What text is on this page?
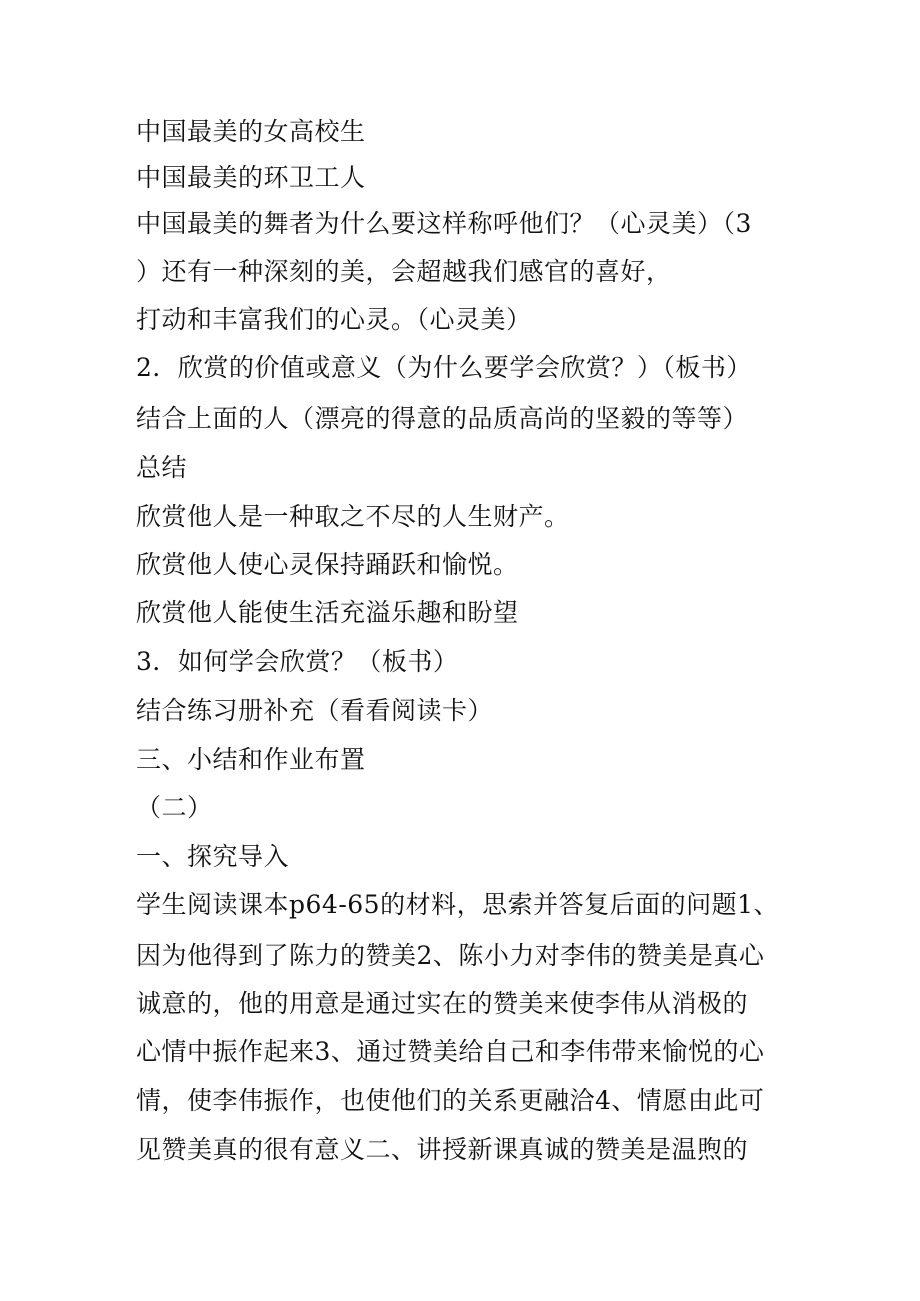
中国最美的女高校生
中国最美的环卫工人
中国最美的舞者为什么要这样称呼他们？（心灵美）（3
）还有一种深刻的美，会超越我们感官的喜好，
打动和丰富我们的心灵。（心灵美）
2．欣赏的价值或意义（为什么要学会欣赏？）（板书）
结合上面的人（漂亮的得意的品质高尚的坚毅的等等）
总结
欣赏他人是一种取之不尽的人生财产。
欣赏他人使心灵保持踊跃和愉悦。
欣赏他人能使生活充溢乐趣和盼望
3．如何学会欣赏？（板书）
结合练习册补充（看看阅读卡）
三、小结和作业布置
（二）
一、探究导入
学生阅读课本p64-65的材料，思索并答复后面的问题1、
因为他得到了陈力的赞美2、陈小力对李伟的赞美是真心
诚意的，他的用意是通过实在的赞美来使李伟从消极的
心情中振作起来3、通过赞美给自己和李伟带来愉悦的心
情，使李伟振作，也使他们的关系更融洽4、情愿由此可
见赞美真的很有意义二、讲授新课真诚的赞美是温煦的
